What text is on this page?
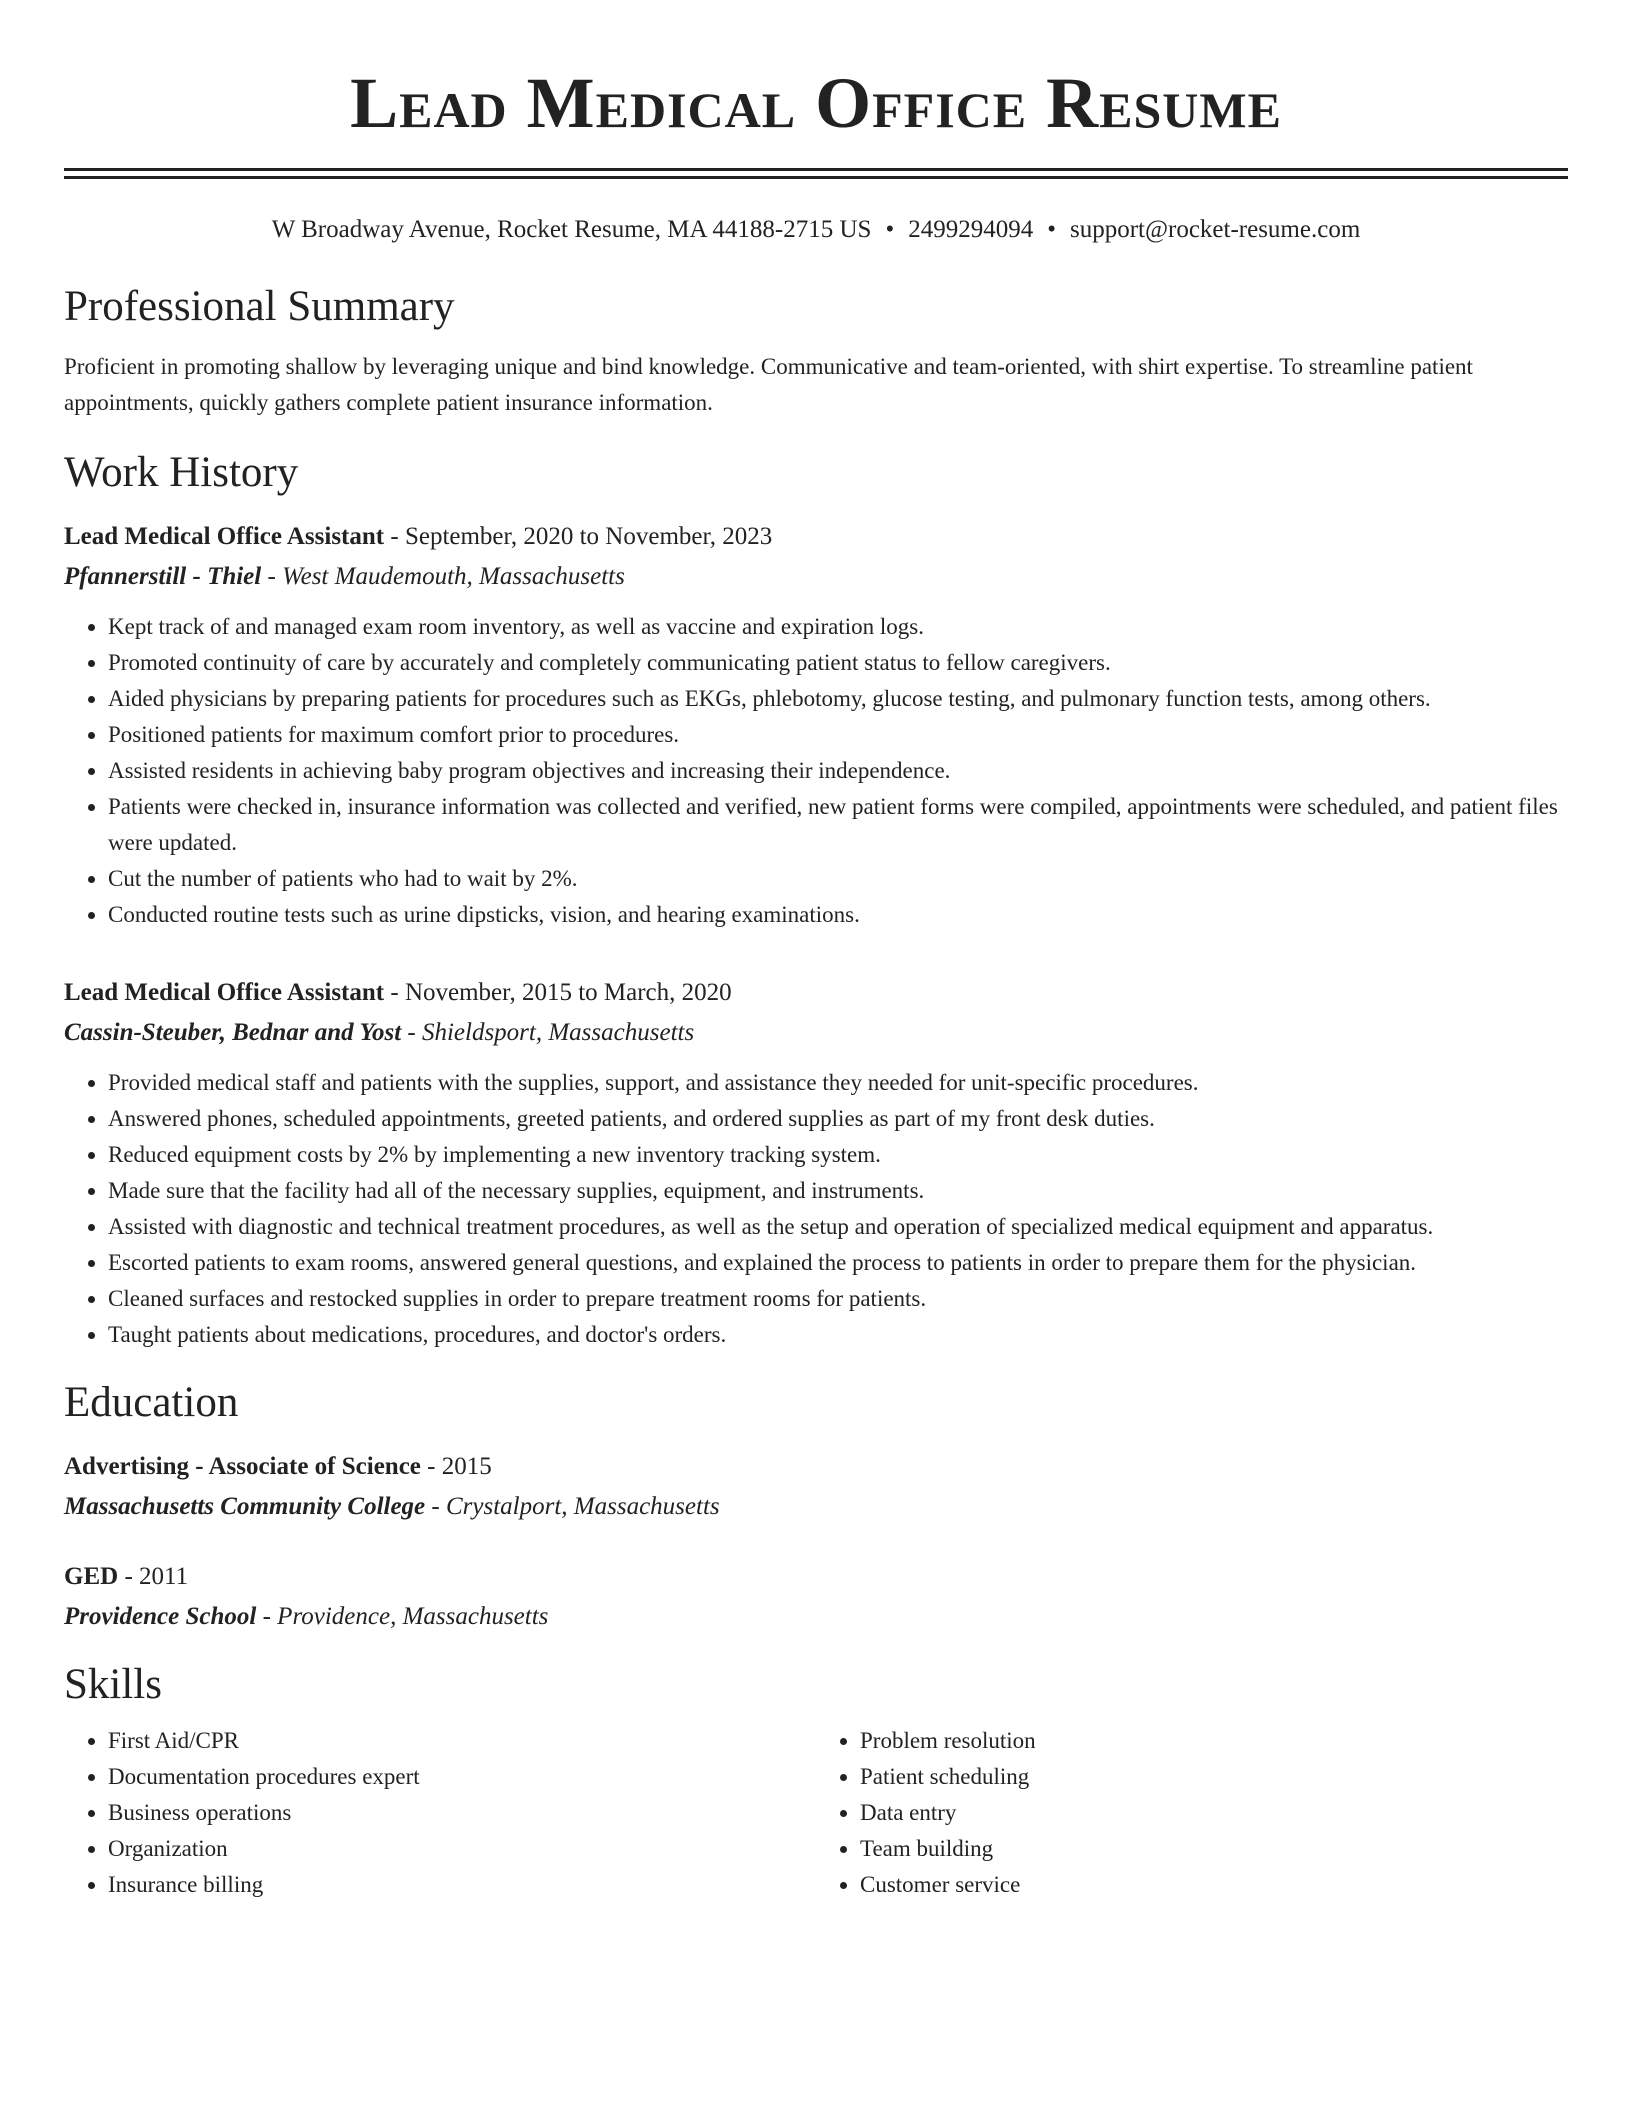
Lead Medical Office Resume
W Broadway Avenue, Rocket Resume, MA 44188-2715 US • 2499294094 • support@rocket-resume.com
Professional Summary

Proficient in promoting shallow by leveraging unique and bind knowledge. Communicative and team-oriented, with shirt expertise. To streamline patient appointments, quickly gathers complete patient insurance information.

Work History
Lead Medical Office Assistant - September, 2020 to November, 2023
Pfannerstill - Thiel - West Maudemouth, Massachusetts
• Kept track of and managed exam room inventory, as well as vaccine and expiration logs.
• Promoted continuity of care by accurately and completely communicating patient status to fellow caregivers.
• Aided physicians by preparing patients for procedures such as EKGs, phlebotomy, glucose testing, and pulmonary function tests, among others.
• Positioned patients for maximum comfort prior to procedures.
• Assisted residents in achieving baby program objectives and increasing their independence.
• Patients were checked in, insurance information was collected and verified, new patient forms were compiled, appointments were scheduled, and patient files were updated.
• Cut the number of patients who had to wait by 2%.
• Conducted routine tests such as urine dipsticks, vision, and hearing examinations.
Lead Medical Office Assistant - November, 2015 to March, 2020
Cassin-Steuber, Bednar and Yost - Shieldsport, Massachusetts
• Provided medical staff and patients with the supplies, support, and assistance they needed for unit-specific procedures.
• Answered phones, scheduled appointments, greeted patients, and ordered supplies as part of my front desk duties.
• Reduced equipment costs by 2% by implementing a new inventory tracking system.
• Made sure that the facility had all of the necessary supplies, equipment, and instruments.
• Assisted with diagnostic and technical treatment procedures, as well as the setup and operation of specialized medical equipment and apparatus.
• Escorted patients to exam rooms, answered general questions, and explained the process to patients in order to prepare them for the physician.
• Cleaned surfaces and restocked supplies in order to prepare treatment rooms for patients.
• Taught patients about medications, procedures, and doctor's orders.
Education
Advertising - Associate of Science - 2015
Massachusetts Community College - Crystalport, Massachusetts
GED - 2011
Providence School - Providence, Massachusetts
Skills
• First Aid/CPR
• Documentation procedures expert
• Business operations
• Organization
• Insurance billing
• Problem resolution
• Patient scheduling
• Data entry
• Team building
• Customer service
